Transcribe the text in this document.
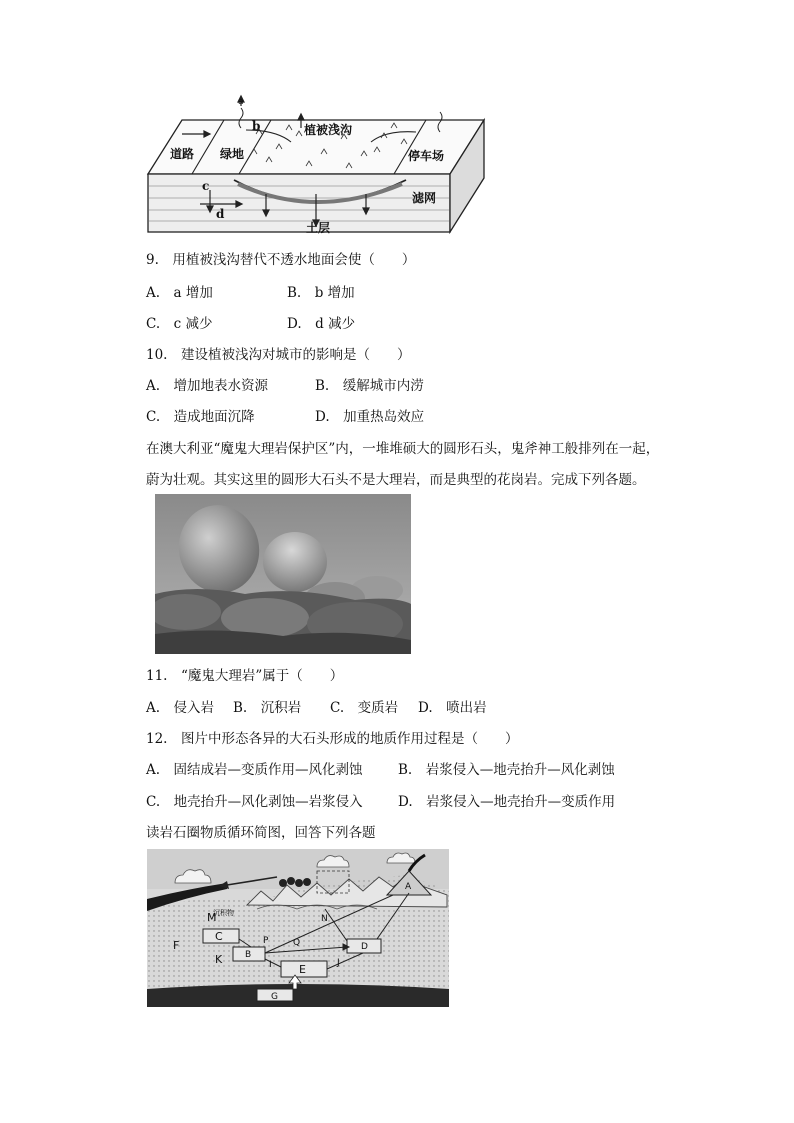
a
b
c
d
道路 绿地
植被浅沟
停车场
滤网
土层
9.　用植被浅沟替代不透水地面会使（　　）
A.　a 增加	B.　b 增加
C.　c 减少	D.　d 减少
10.　建设植被浅沟对城市的影响是（　　）
A.　增加地表水资源	B.　缓解城市内涝
C.　造成地面沉降	D.　加重热岛效应
在澳大利亚“魔鬼大理岩保护区”内，一堆堆硕大的圆形石头，鬼斧神工般排列在一起，
蔚为壮观。其实这里的圆形大石头不是大理岩，而是典型的花岗岩。完成下列各题。
11.　“魔鬼大理岩”属于（　　）
A.　侵入岩 B.　沉积岩 C.　变质岩 D.　喷出岩
12.　图片中形态各异的大石头形成的地质作用过程是（　　）
A.　固结成岩—变质作用—风化剥蚀	B.　岩浆侵入—地壳抬升—风化剥蚀
C.　地壳抬升—风化剥蚀—岩浆侵入	D.　岩浆侵入—地壳抬升—变质作用
读岩石圈物质循环简图，回答下列各题
M
沉积物
C
F
K	B
P	Q
N
D
E
I	J
G
A
